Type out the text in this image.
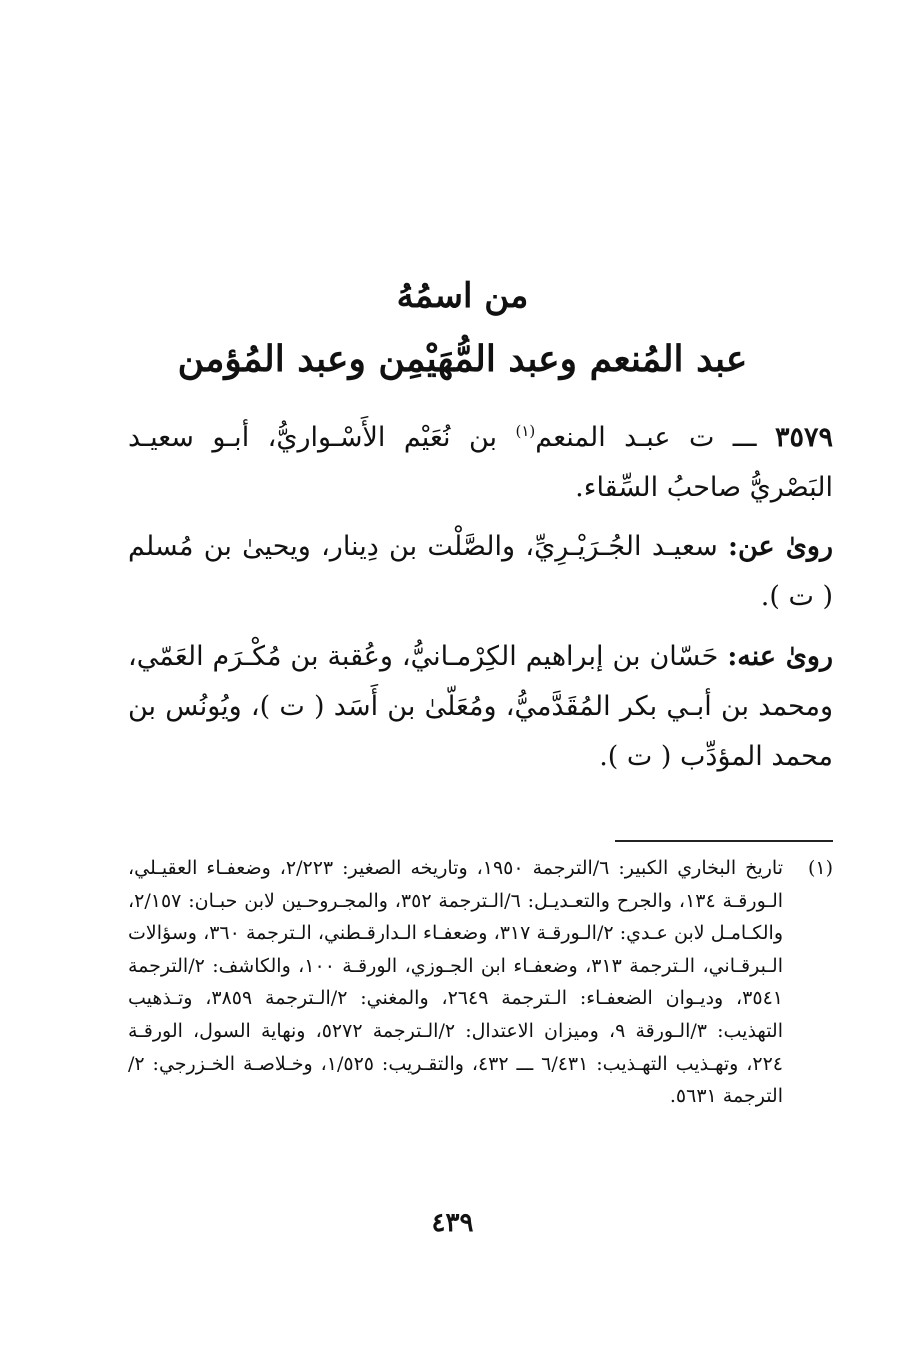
من اسمُهُ
عبد المُنعم وعبد المُّهَيْمِن وعبد المُؤمن
٣٥٧٩ ـــ ت عبـد المنعم$^{(١)}$ بن نُعَيْم الأَسْـواريُّ، أبـو سعيـد البَصْريُّ صاحبُ السِّقاء.
روىٰ عن: سعيـد الجُـرَيْـرِيِّ، والصَّلْت بن دِينار، ويحيىٰ بن مُسلم ( ت ).
روىٰ عنه: حَسّان بن إبراهيم الكِرْمـانيُّ، وعُقبة بن مُكْـرَم العَمّي، ومحمد بن أبـي بكر المُقَدَّميُّ، ومُعَلّىٰ بن أَسَد ( ت )، ويُونُس بن محمد المؤدِّب ( ت ).
(١)
تاريخ البخاري الكبير: ٦/الترجمة ١٩٥٠، وتاريخه الصغير: ٢/٢٢٣، وضعفـاء العقيـلي، الـورقـة ١٣٤، والجرح والتعـديـل: ٦/الـترجمة ٣٥٢، والمجـروحـين لابن حبـان: ٢/١٥٧، والكـامـل لابن عـدي: ٢/الـورقـة ٣١٧، وضعفـاء الـدارقـطني، الـترجمة ٣٦٠، وسؤالات الـبرقـاني، الـترجمة ٣١٣، وضعفـاء ابن الجـوزي، الورقـة ١٠٠، والكاشف: ٢/الترجمة ٣٥٤١، وديـوان الضعفـاء: الـترجمة ٢٦٤٩، والمغني: ٢/الـترجمة ٣٨٥٩، وتـذهيب التهذيب: ٣/الـورقة ٩، وميزان الاعتدال: ٢/الـترجمة ٥٢٧٢، ونهاية السول، الورقـة ٢٢٤، وتهـذيب التهـذيب: ٦/٤٣١ ـــ ٤٣٢، والتقـريب: ١/٥٢٥، وخـلاصـة الخـزرجي: ٢/الترجمة ٥٦٣١.
٤٣٩
